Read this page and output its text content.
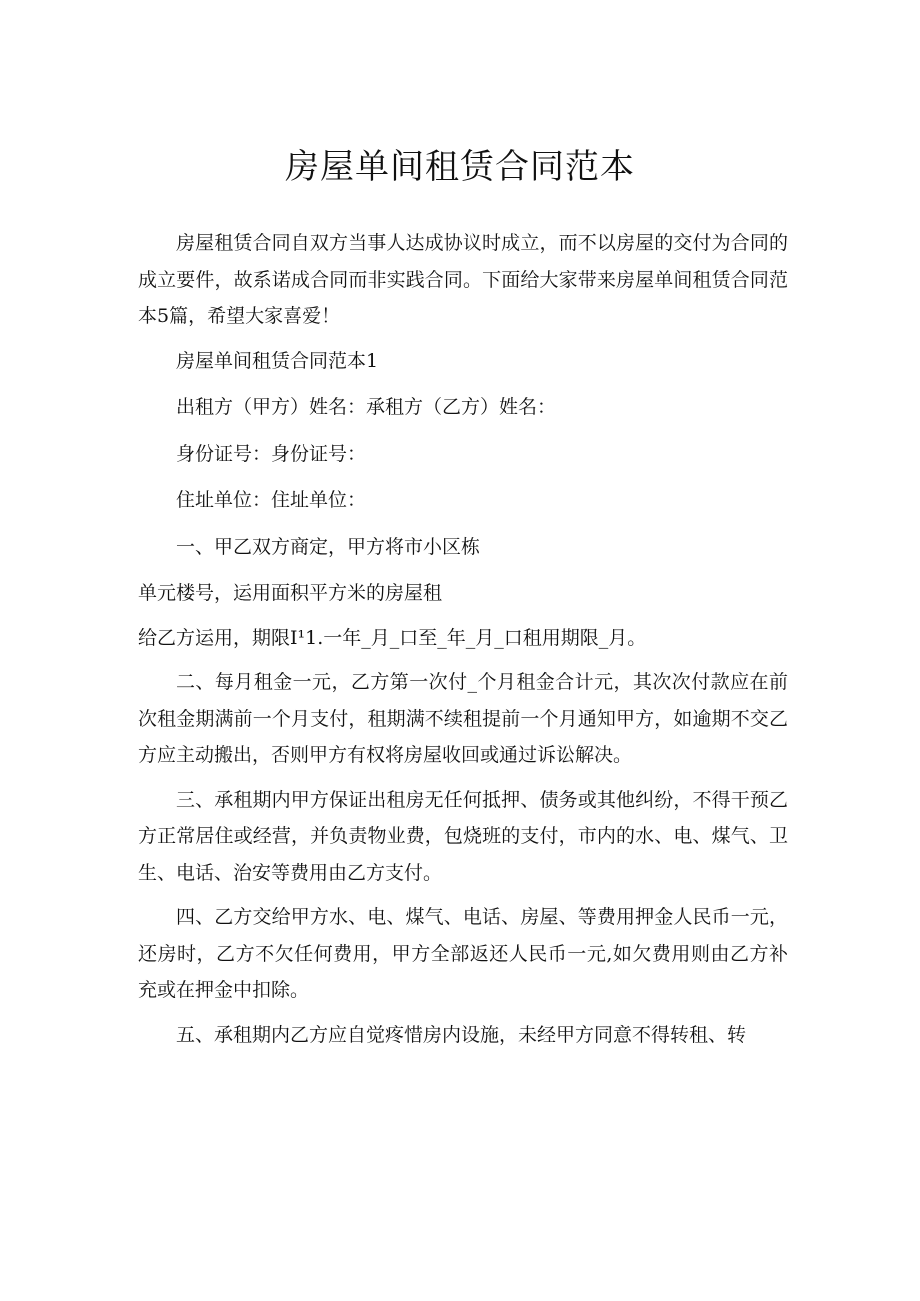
房屋单间租赁合同范本

房屋租赁合同自双方当事人达成协议时成立，而不以房屋的交付为合同的成立要件，故系诺成合同而非实践合同。下面给大家带来房屋单间租赁合同范本5篇，希望大家喜爱！

房屋单间租赁合同范本1

出租方（甲方）姓名：承租方（乙方）姓名：

身份证号：身份证号：

住址单位：住址单位：

一、甲乙双方商定，甲方将市小区栋

单元楼号，运用面积平方米的房屋租
给乙方运用，期限I¹1.一年_月_口至_年_月_口租用期限_月。

二、每月租金一元，乙方第一次付_个月租金合计元，其次次付款应在前次租金期满前一个月支付，租期满不续租提前一个月通知甲方，如逾期不交乙方应主动搬出，否则甲方有权将房屋收回或通过诉讼解决。

三、承租期内甲方保证出租房无任何抵押、债务或其他纠纷，不得干预乙方正常居住或经营，并负责物业费，包烧班的支付，市内的水、电、煤气、卫生、电话、治安等费用由乙方支付。

四、乙方交给甲方水、电、煤气、电话、房屋、等费用押金人民币一元，还房时，乙方不欠任何费用，甲方全部返还人民币一元,如欠费用则由乙方补充或在押金中扣除。

五、承租期内乙方应自觉疼惜房内设施，未经甲方同意不得转租、转
